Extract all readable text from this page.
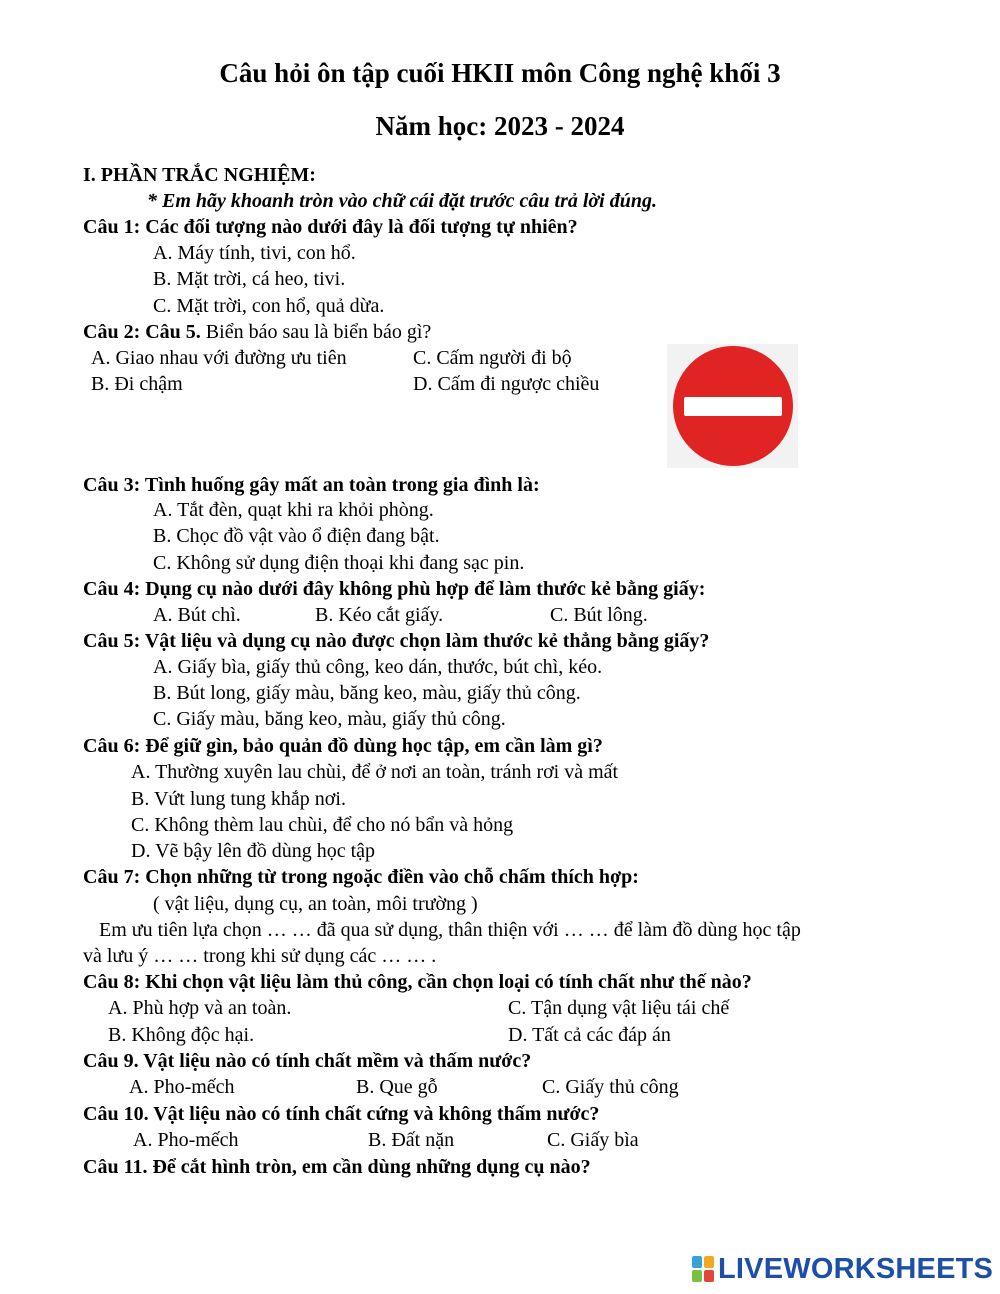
Câu hỏi ôn tập cuối HKII môn Công nghệ khối 3
Năm học: 2023 - 2024
I. PHẦN TRẮC NGHIỆM:
* Em hãy khoanh tròn vào chữ cái đặt trước câu trả lời đúng.
Câu 1: Các đối tượng nào dưới đây là đối tượng tự nhiên?
A. Máy tính, tivi, con hổ.
B. Mặt trời, cá heo, tivi.
C. Mặt trời, con hổ, quả dừa.
Câu 2: Câu 5. Biển báo sau là biển báo gì?
A. Giao nhau với đường ưu tiên
B. Đi chậm
C. Cấm người đi bộ
D. Cấm đi ngược chiều
Câu 3: Tình huống gây mất an toàn trong gia đình là:
A. Tắt đèn, quạt khi ra khỏi phòng.
B. Chọc đồ vật vào ổ điện đang bật.
C. Không sử dụng điện thoại khi đang sạc pin.
Câu 4: Dụng cụ nào dưới đây không phù hợp để làm thước kẻ bằng giấy:
A. Bút chì.	B. Kéo cắt giấy.	C. Bút lông.
Câu 5: Vật liệu và dụng cụ nào được chọn làm thước kẻ thẳng bằng giấy?
A. Giấy bìa, giấy thủ công, keo dán, thước, bút chì, kéo.
B. Bút long, giấy màu, băng keo, màu, giấy thủ công.
C. Giấy màu, băng keo, màu, giấy thủ công.
Câu 6: Để giữ gìn, bảo quản đồ dùng học tập, em cần làm gì?
A. Thường xuyên lau chùi, để ở nơi an toàn, tránh rơi và mất
B. Vứt lung tung khắp nơi.
C. Không thèm lau chùi, để cho nó bẩn và hỏng
D. Vẽ bậy lên đồ dùng học tập
Câu 7: Chọn những từ trong ngoặc điền vào chỗ chấm thích hợp:
( vật liệu, dụng cụ, an toàn, môi trường )
Em ưu tiên lựa chọn … … đã qua sử dụng, thân thiện với … … để làm đồ dùng học tập
và lưu ý … … trong khi sử dụng các … … .
Câu 8: Khi chọn vật liệu làm thủ công, cần chọn loại có tính chất như thế nào?
A. Phù hợp và an toàn.
B. Không độc hại.
C. Tận dụng vật liệu tái chế
D. Tất cả các đáp án
Câu 9. Vật liệu nào có tính chất mềm và thấm nước?
A. Pho-mếch	B. Que gỗ	C. Giấy thủ công
Câu 10. Vật liệu nào có tính chất cứng và không thấm nước?
A. Pho-mếch	B. Đất nặn	C. Giấy bìa
Câu 11. Để cắt hình tròn, em cần dùng những dụng cụ nào?
LIVEWORKSHEETS
